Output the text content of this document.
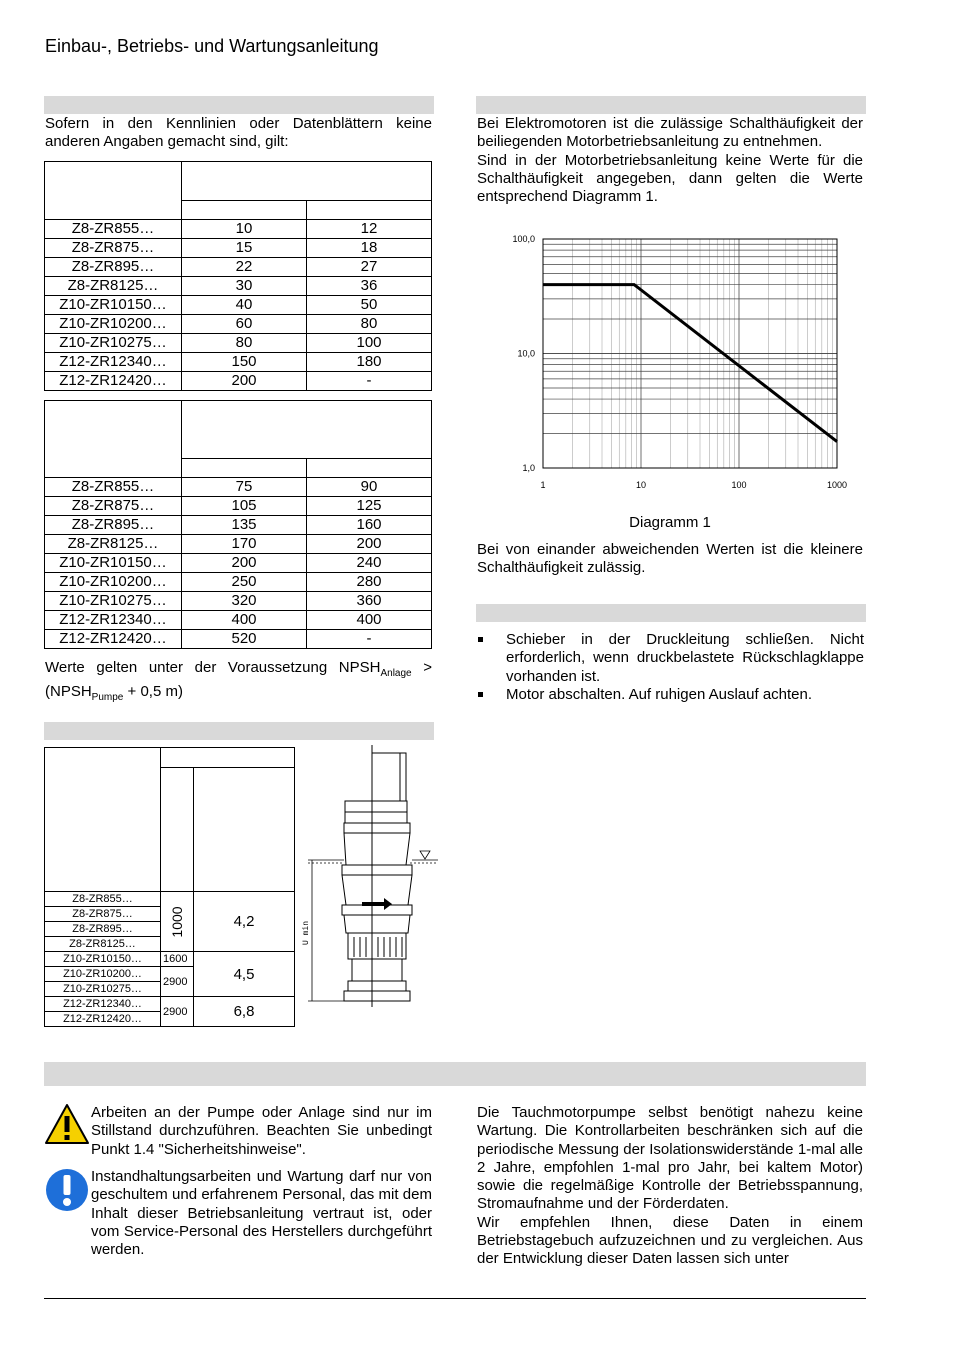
Einbau-, Betriebs- und Wartungsanleitung

Sofern in den Kennlinien oder Datenblättern keine anderen Angaben gemacht sind, gilt:

Z8-ZR855…	10	12
Z8-ZR875…	15	18
Z8-ZR895…	22	27
Z8-ZR8125…	30	36
Z10-ZR10150…	40	50
Z10-ZR10200…	60	80
Z10-ZR10275…	80	100
Z12-ZR12340…	150	180
Z12-ZR12420…	200	-

Z8-ZR855…	75	90
Z8-ZR875…	105	125
Z8-ZR895…	135	160
Z8-ZR8125…	170	200
Z10-ZR10150…	200	240
Z10-ZR10200…	250	280
Z10-ZR10275…	320	360
Z12-ZR12340…	400	400
Z12-ZR12420…	520	-

Werte gelten unter der Voraussetzung $NPSH_{Anlage}$ > ($NPSH_{Pumpe} + 0,5$ m)

Z8-ZR855…	1000	4,2
Z8-ZR875…		
Z8-ZR895…		
Z8-ZR8125…		
Z10-ZR10150…	1600	4,5
Z10-ZR10200…	2900	
Z10-ZR10275…		
Z12-ZR12340…	2900	6,8
Z12-ZR12420…		
U min

Bei Elektromotoren ist die zulässige Schalthäufigkeit der beiliegenden Motorbetriebsanleitung zu entnehmen.

Sind in der Motorbetriebsanleitung keine Werte für die Schalthäufigkeit angegeben, dann gelten die Werte entsprechend Diagramm 1.

1	10	100	1000
100,0
10,0
1,0
Diagramm 1

Bei von einander abweichenden Werten ist die kleinere Schalthäufigkeit zulässig.

Schieber in der Druckleitung schließen. Nicht erforderlich, wenn druckbelastete Rückschlagklappe vorhanden ist.
Motor abschalten. Auf ruhigen Auslauf achten.

Arbeiten an der Pumpe oder Anlage sind nur im Stillstand durchzuführen. Beachten Sie unbedingt Punkt 1.4 "Sicherheitshinweise".

Instandhaltungsarbeiten und Wartung darf nur von geschultem und erfahrenem Personal, das mit dem Inhalt dieser Betriebsanleitung vertraut ist, oder vom Service-Personal des Herstellers durchgeführt werden.

Die Tauchmotorpumpe selbst benötigt nahezu keine Wartung. Die Kontrollarbeiten beschränken sich auf die periodische Messung der Isolationswiderstände 1-mal alle 2 Jahre, empfohlen 1-mal pro Jahr, bei kaltem Motor) sowie die regelmäßige Kontrolle der Betriebsspannung, Stromaufnahme und der Förderdaten.

Wir empfehlen Ihnen, diese Daten in einem Betriebstagebuch aufzuzeichnen und zu vergleichen. Aus der Entwicklung dieser Daten lassen sich unter
